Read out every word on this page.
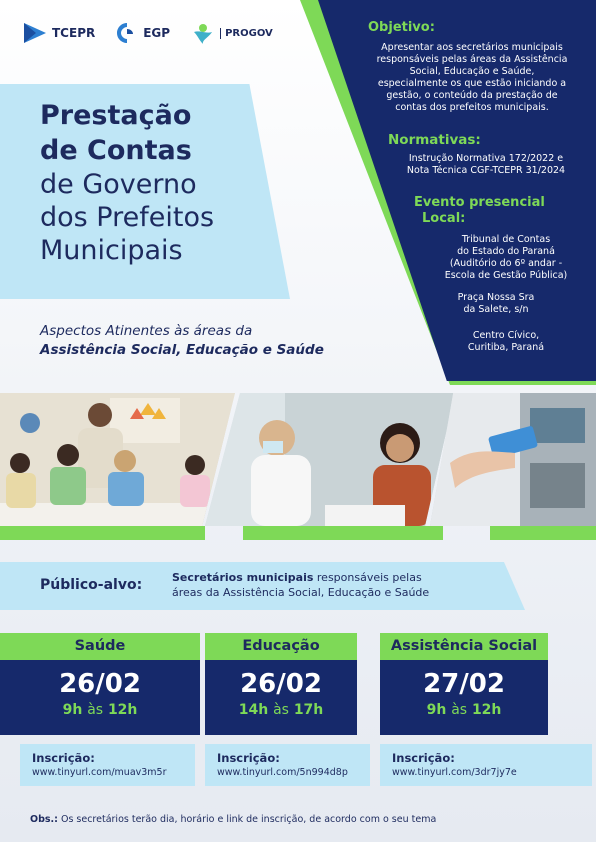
Objetivo:
Apresentar aos secretários municipais
responsáveis pelas áreas da Assistência
Social, Educação e Saúde,
especialmente os que estão iniciando a
gestão, o conteúdo da prestação de
contas dos prefeitos municipais.
Normativas:
Instrução Normativa 172/2022 e
Nota Técnica CGF-TCEPR 31/2024
Evento presencial
Local:
Tribunal de Contas
do Estado do Paraná
(Auditório do 6º andar -
Escola de Gestão Pública)
Praça Nossa Sra
da Salete, s/n
Centro Cívico,
Curitiba, Paraná
TCEPR	EGP	PROGOV
Prestação
de Contas
de Governo
dos Prefeitos
Municipais
Aspectos Atinentes às áreas da
Assistência Social, Educação e Saúde
Público-alvo:	Secretários municipais responsáveis pelas
áreas da Assistência Social, Educação e Saúde
Saúde
26/02
9h às 12h
Educação
26/02
14h às 17h
Assistência Social
27/02
9h às 12h
Inscrição:
www.tinyurl.com/muav3m5r
Inscrição:
www.tinyurl.com/5n994d8p
Inscrição:
www.tinyurl.com/3dr7jy7e
Obs.: Os secretários terão dia, horário e link de inscrição, de acordo com o seu tema
